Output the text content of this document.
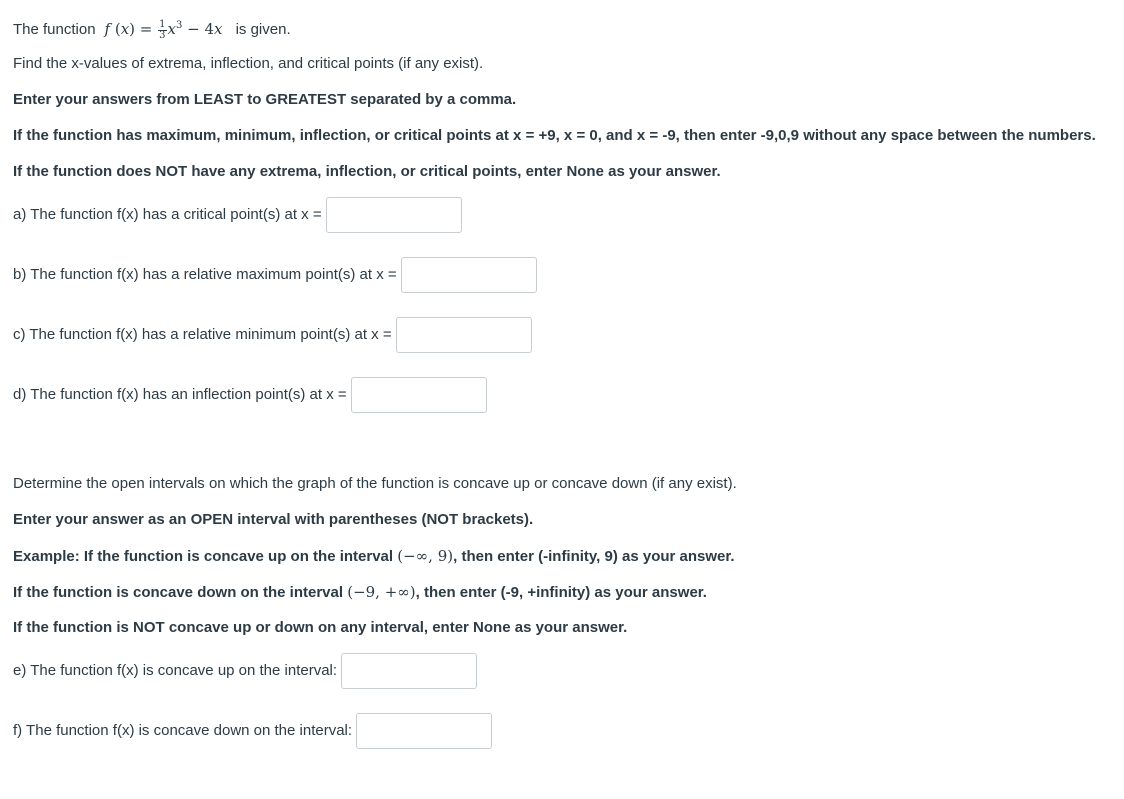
The function  f $(x) = \frac{1}{3} x^3 - 4x$   is given.
Find the x-values of extrema, inflection, and critical points (if any exist).
Enter your answers from LEAST to GREATEST separated by a comma.
If the function has maximum, minimum, inflection, or critical points at x = +9, x = 0, and x = -9, then enter -9,0,9 without any space between the numbers.
If the function does NOT have any extrema, inflection, or critical points, enter None as your answer.
a) The function f(x) has a critical point(s) at x =
b) The function f(x) has a relative maximum point(s) at x =
c) The function f(x) has a relative minimum point(s) at x =
d) The function f(x) has an inflection point(s) at x =
Determine the open intervals on which the graph of the function is concave up or concave down (if any exist).
Enter your answer as an OPEN interval with parentheses (NOT brackets).
Example: If the function is concave up on the interval (−∞, 9), then enter (-infinity, 9) as your answer.
If the function is concave down on the interval (−9, +∞), then enter (-9, +infinity) as your answer.
If the function is NOT concave up or down on any interval, enter None as your answer.
e) The function f(x) is concave up on the interval:
f) The function f(x) is concave down on the interval:
